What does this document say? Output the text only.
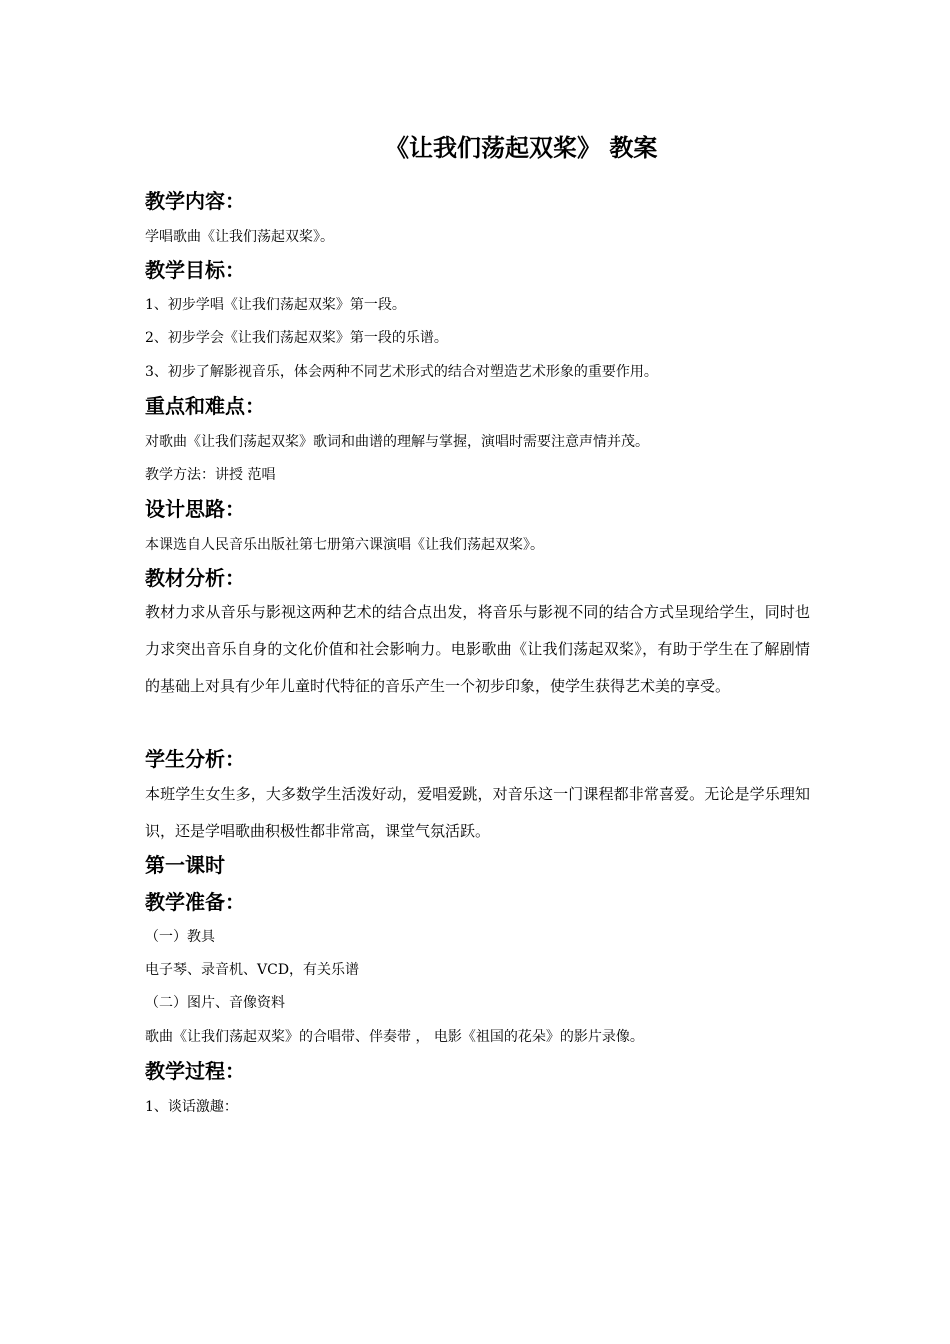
《让我们荡起双桨》 教案
教学内容：
学唱歌曲《让我们荡起双桨》。
教学目标：
1、初步学唱《让我们荡起双桨》第一段。
2、初步学会《让我们荡起双桨》第一段的乐谱。
3、初步了解影视音乐，体会两种不同艺术形式的结合对塑造艺术形象的重要作用。
重点和难点：
对歌曲《让我们荡起双桨》歌词和曲谱的理解与掌握，演唱时需要注意声情并茂。
教学方法：讲授 范唱
设计思路：
本课选自人民音乐出版社第七册第六课演唱《让我们荡起双桨》。
教材分析：
教材力求从音乐与影视这两种艺术的结合点出发，将音乐与影视不同的结合方式呈现给学生，同时也力求突出音乐自身的文化价值和社会影响力。电影歌曲《让我们荡起双桨》，有助于学生在了解剧情的基础上对具有少年儿童时代特征的音乐产生一个初步印象，使学生获得艺术美的享受。
学生分析：
本班学生女生多，大多数学生活泼好动，爱唱爱跳，对音乐这一门课程都非常喜爱。无论是学乐理知识，还是学唱歌曲积极性都非常高，课堂气氛活跃。
第一课时
教学准备：
（一）教具
电子琴、录音机、VCD，有关乐谱
（二）图片、音像资料
歌曲《让我们荡起双桨》的合唱带、伴奏带 ， 电影《祖国的花朵》的影片录像。
教学过程：
1、谈话激趣：
